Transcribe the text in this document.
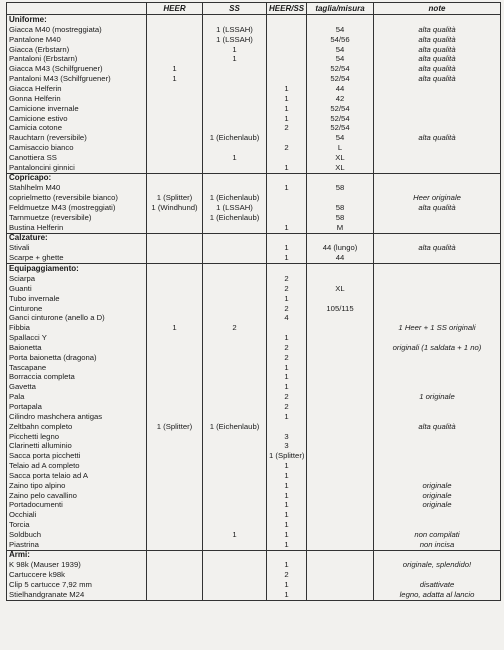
	HEER	SS	HEER/SS	taglia/misura	note
Uniforme:					
Giacca M40 (mostreggiata)		1 (LSSAH)		54	alta qualità
Pantalone M40		1 (LSSAH)		54/56	alta qualità
Giacca (Erbstarn)		1		54	alta qualità
Pantaloni (Erbstarn)		1		54	alta qualità
Giacca M43 (Schilfgruener)	1			52/54	alta qualità
Pantaloni M43 (Schilfgruener)	1			52/54	alta qualità
Giacca Helferin			1	44	
Gonna Helferin			1	42	
Camicione invernale			1	52/54	
Camicione estivo			1	52/54	
Camicia cotone			2	52/54	
Rauchtarn (reversibile)		1 (Eichenlaub)		54	alta qualità
Camisaccio bianco			2	L	
Canottiera SS		1		XL	
Pantaloncini ginnici			1	XL	
Copricapo:					
Stahlhelm M40			1	58	
coprielmetto (reversibile bianco)	1 (Splitter)	1 (Eichenlaub)			Heer originale
Feldmuetze M43 (mostreggiati)	1 (Windhund)	1 (LSSAH)		58	alta qualità
Tarnmuetze (reversibile)		1 (Eichenlaub)		58	
Bustina Helferin			1	M	
Calzature:					
Stivali			1	44 (lungo)	alta qualità
Scarpe + ghette			1	44	
Equipaggiamento:					
Sciarpa			2		
Guanti			2	XL	
Tubo invernale			1		
Cinturone			2	105/115	
Ganci cinturone (anello a D)			4		
Fibbia	1	2			1 Heer + 1 SS originali
Spallacci Y			1		
Baionetta			2		originali (1 saldata + 1 no)
Porta baionetta (dragona)			2		
Tascapane			1		
Borraccia completa			1		
Gavetta			1		
Pala			2		1 originale
Portapala			2		
Cilindro mashchera antigas			1		
Zeltbahn completo	1 (Splitter)	1 (Eichenlaub)			alta qualità
Picchetti legno			3		
Clarinetti alluminio			3		
Sacca porta picchetti			1 (Splitter)		
Telaio ad A completo			1		
Sacca porta telaio ad A			1		
Zaino tipo alpino			1		originale
Zaino pelo cavallino			1		originale
Portadocumenti			1		originale
Occhiali			1		
Torcia			1		
Soldbuch		1	1		non compilati
Piastrina			1		non incisa
Armi:					
K 98k (Mauser 1939)			1		originale, splendido!
Cartuccere k98k			2		
Clip 5 cartucce 7,92 mm			1		disattivate
Stielhandgranate M24			1		legno, adatta al lancio
